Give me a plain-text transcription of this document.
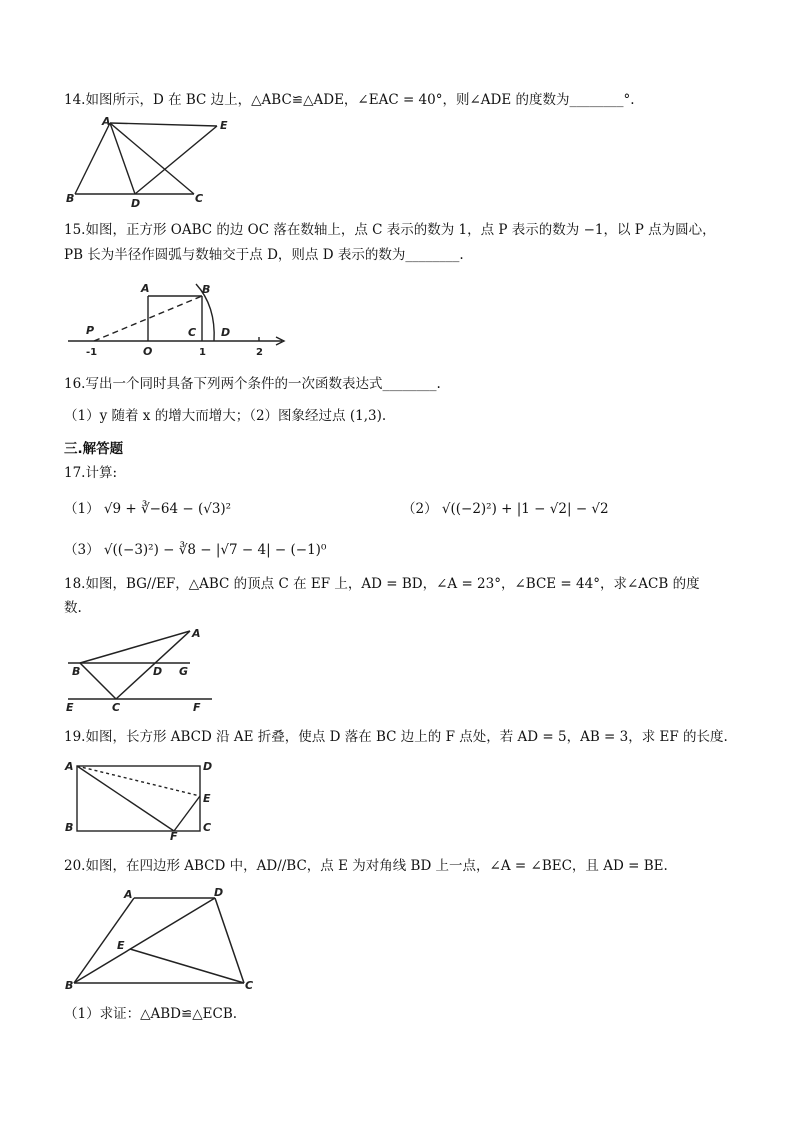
14.如图所示，D 在 BC 边上，△ABC≌△ADE，∠EAC = 40°，则∠ADE 的度数为________°.
A	E
B	D	C
15.如图，正方形 OABC 的边 OC 落在数轴上，点 C 表示的数为 1，点 P 表示的数为 −1，以 P 点为圆心，
PB 长为半径作圆弧与数轴交于点 D，则点 D 表示的数为________.
A	B
C D
P
-1	O	1	2
16.写出一个同时具备下列两个条件的一次函数表达式________.
（1）y 随着 x 的增大而增大；（2）图象经过点 (1,3).
三.解答题
17.计算:
（1） √9 + ∛−64 − (√3)²	（2） √((−2)²) + |1 − √2| − √2
（3） √((−3)²) − ∛8 − |√7 − 4| − (−1)⁰
18.如图，BG//EF，△ABC 的顶点 C 在 EF 上，AD = BD，∠A = 23°，∠BCE = 44°，求∠ACB 的度
数.
A
B	D G
E	C	F
19.如图，长方形 ABCD 沿 AE 折叠，使点 D 落在 BC 边上的 F 点处，若 AD = 5，AB = 3，求 EF 的长度.
A	D
E
B
F
C
20.如图，在四边形 ABCD 中，AD//BC，点 E 为对角线 BD 上一点，∠A = ∠BEC，且 AD = BE.
A	D
E
B	C
（1）求证：△ABD≌△ECB.
